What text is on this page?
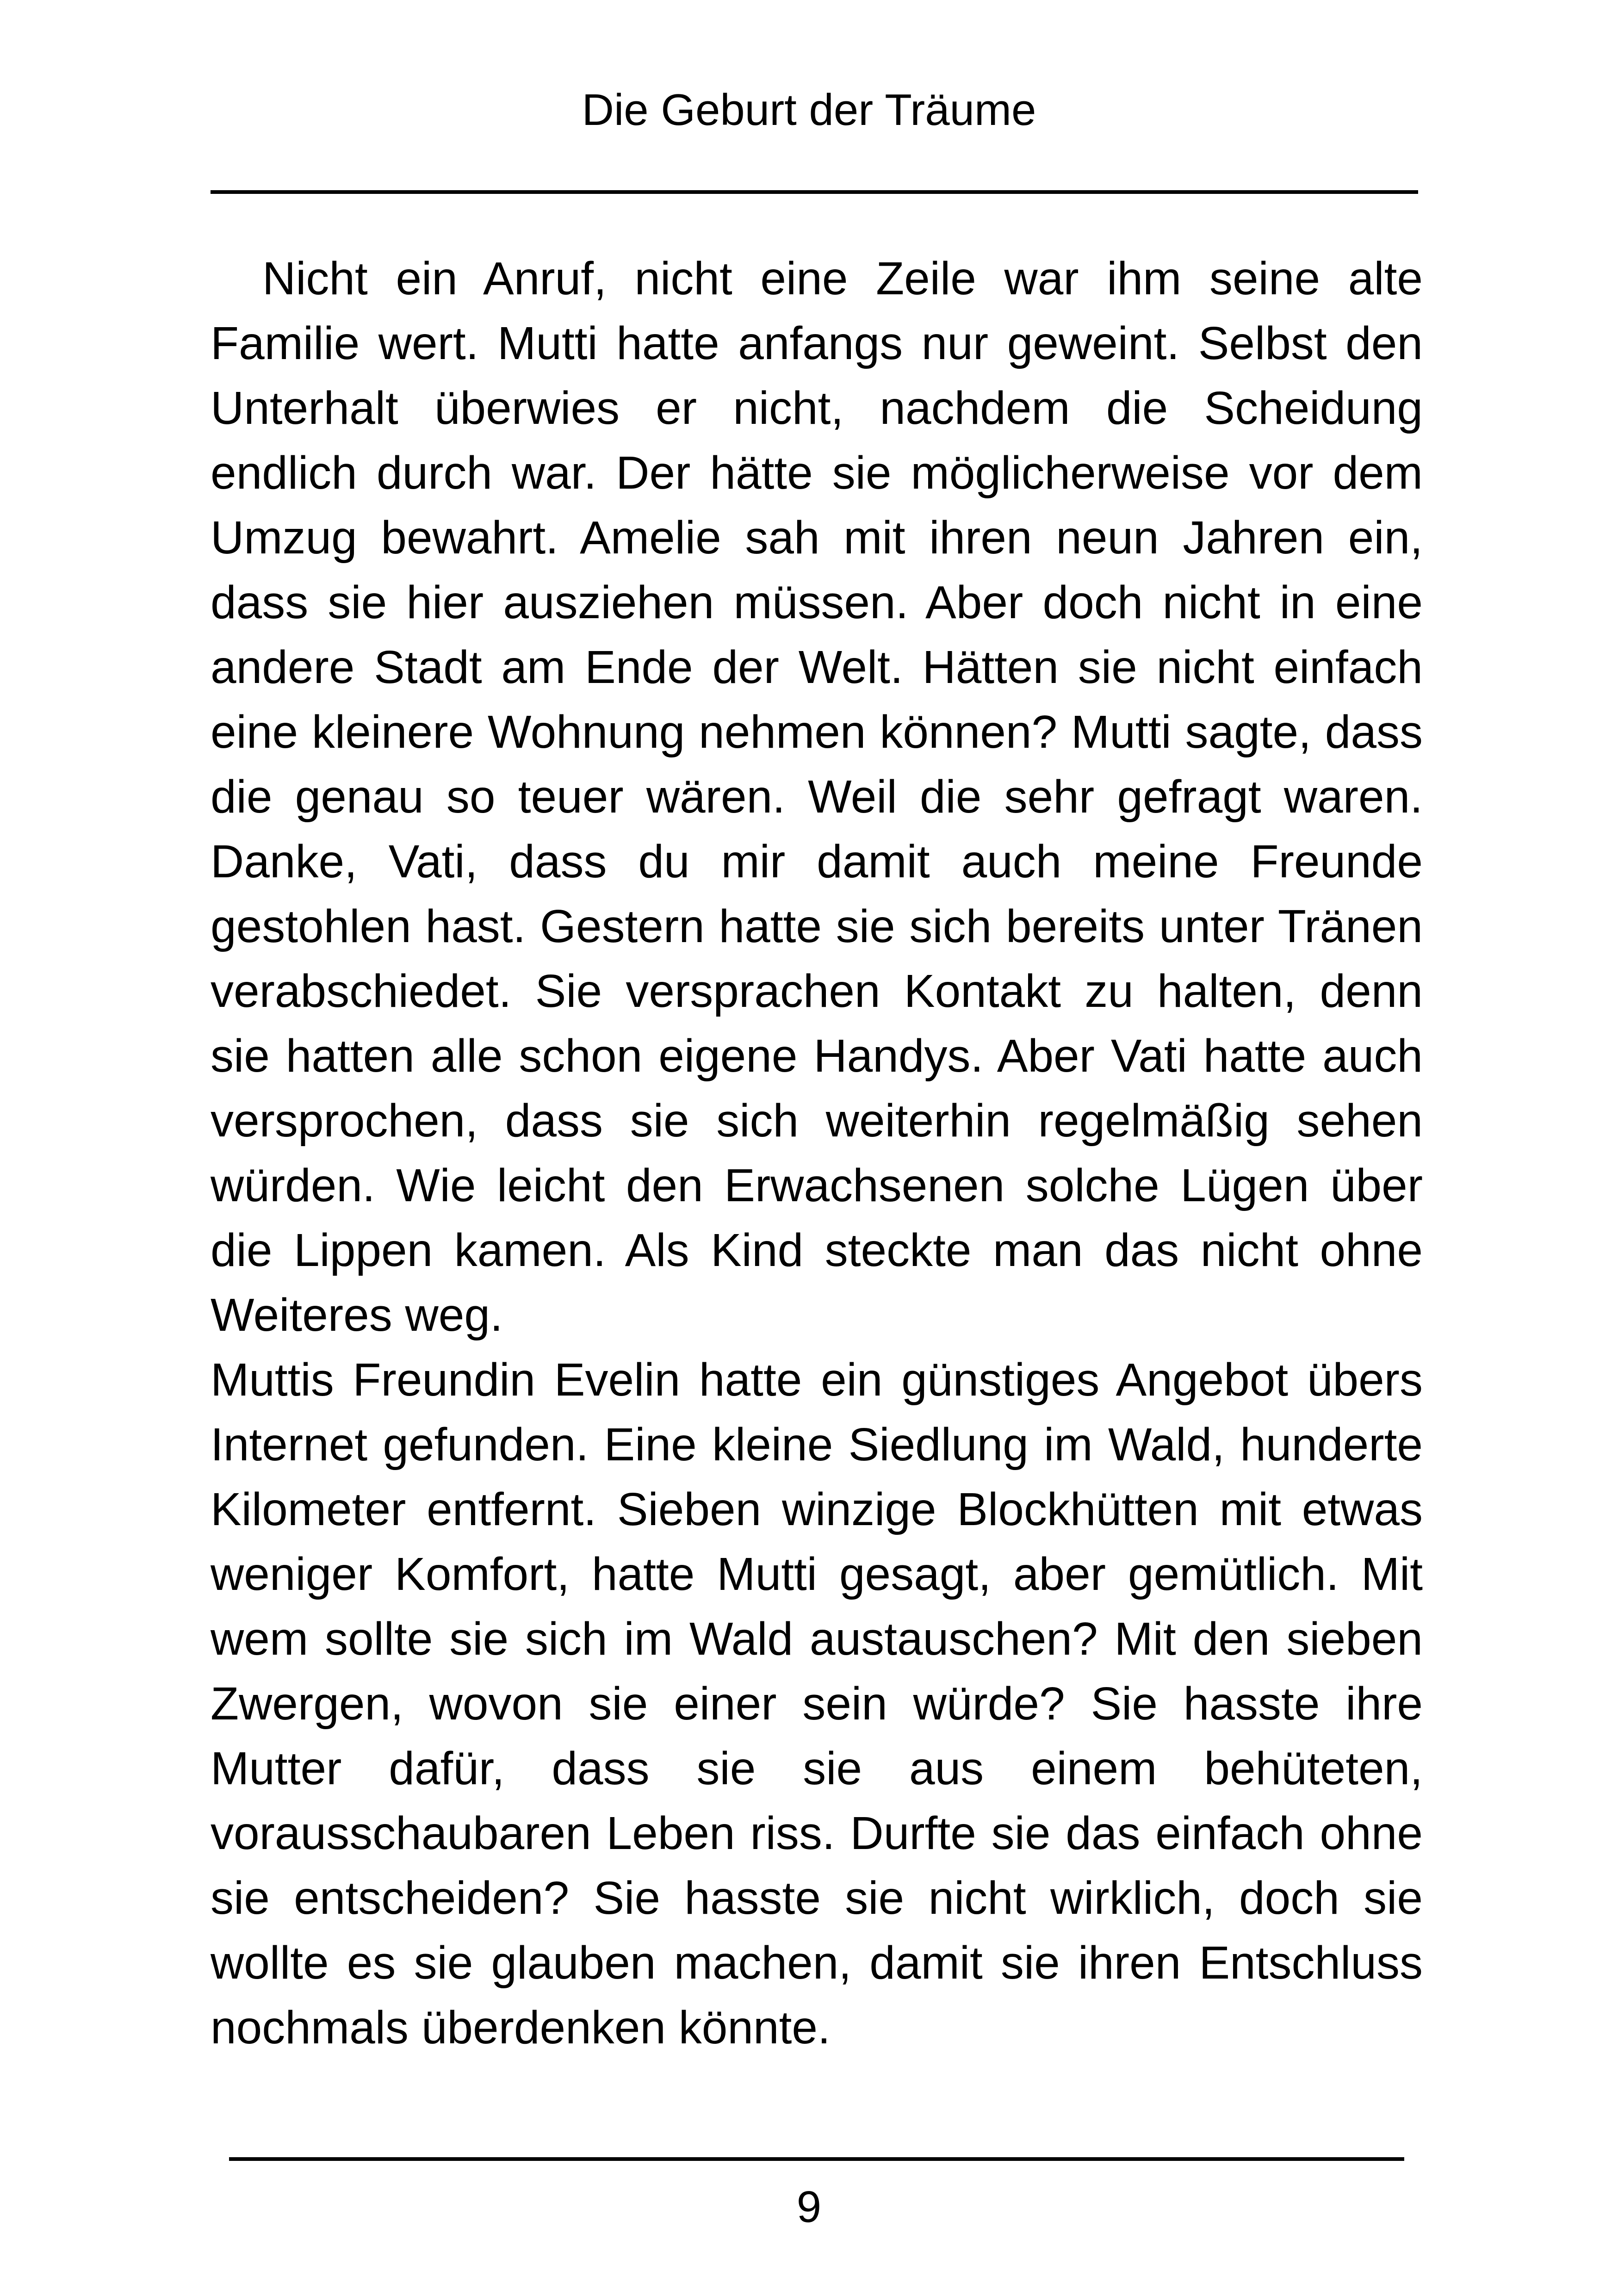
Die Geburt der Träume

Nicht ein Anruf, nicht eine Zeile war ihm seine alte Familie wert. Mutti hatte anfangs nur geweint. Selbst den Unterhalt überwies er nicht, nachdem die Scheidung endlich durch war. Der hätte sie möglicherweise vor dem Umzug bewahrt. Amelie sah mit ihren neun Jahren ein, dass sie hier ausziehen müssen. Aber doch nicht in eine andere Stadt am Ende der Welt. Hätten sie nicht einfach eine kleinere Wohnung nehmen können? Mutti sagte, dass die genau so teuer wären. Weil die sehr gefragt waren. Danke, Vati, dass du mir damit auch meine Freunde gestohlen hast. Gestern hatte sie sich bereits unter Tränen verabschiedet. Sie versprachen Kontakt zu halten, denn sie hatten alle schon eigene Handys. Aber Vati hatte auch versprochen, dass sie sich weiterhin regelmäßig sehen würden. Wie leicht den Erwachsenen solche Lügen über die Lippen kamen. Als Kind steckte man das nicht ohne Weiteres weg.

Muttis Freundin Evelin hatte ein günstiges Angebot übers Internet gefunden. Eine kleine Siedlung im Wald, hunderte Kilometer entfernt. Sieben winzige Blockhütten mit etwas weniger Komfort, hatte Mutti gesagt, aber gemütlich. Mit wem sollte sie sich im Wald austauschen? Mit den sieben Zwergen, wovon sie einer sein würde? Sie hasste ihre Mutter dafür, dass sie sie aus einem behüteten, vorausschaubaren Leben riss. Durfte sie das einfach ohne sie entscheiden? Sie hasste sie nicht wirklich, doch sie wollte es sie glauben machen, damit sie ihren Entschluss nochmals überdenken könnte.

9
